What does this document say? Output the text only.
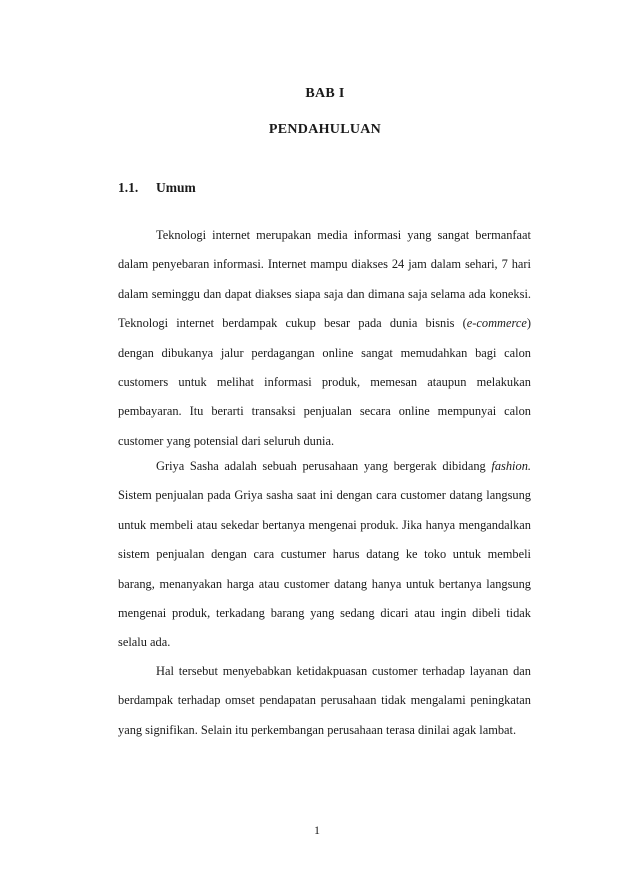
BAB I
PENDAHULUAN
1.1. Umum
Teknologi internet merupakan media informasi yang sangat bermanfaat
dalam penyebaran informasi. Internet mampu diakses 24 jam dalam sehari, 7 hari
dalam seminggu dan dapat diakses siapa saja dan dimana saja selama ada koneksi.
Teknologi internet berdampak cukup besar pada dunia bisnis (e-commerce)
dengan dibukanya jalur perdagangan online sangat memudahkan bagi calon
customers untuk melihat informasi produk, memesan ataupun melakukan
pembayaran. Itu berarti transaksi penjualan secara online mempunyai calon
customer yang potensial dari seluruh dunia.
Griya Sasha adalah sebuah perusahaan yang bergerak dibidang fashion.
Sistem penjualan pada Griya sasha saat ini dengan cara customer datang langsung
untuk membeli atau sekedar bertanya mengenai produk. Jika hanya mengandalkan
sistem penjualan dengan cara custumer harus datang ke toko untuk membeli
barang, menanyakan harga atau customer datang hanya untuk bertanya langsung
mengenai produk, terkadang barang yang sedang dicari atau ingin dibeli tidak
selalu ada.
Hal tersebut menyebabkan ketidakpuasan customer terhadap layanan dan
berdampak terhadap omset pendapatan perusahaan tidak mengalami peningkatan
yang signifikan. Selain itu perkembangan perusahaan terasa dinilai agak lambat.
1
